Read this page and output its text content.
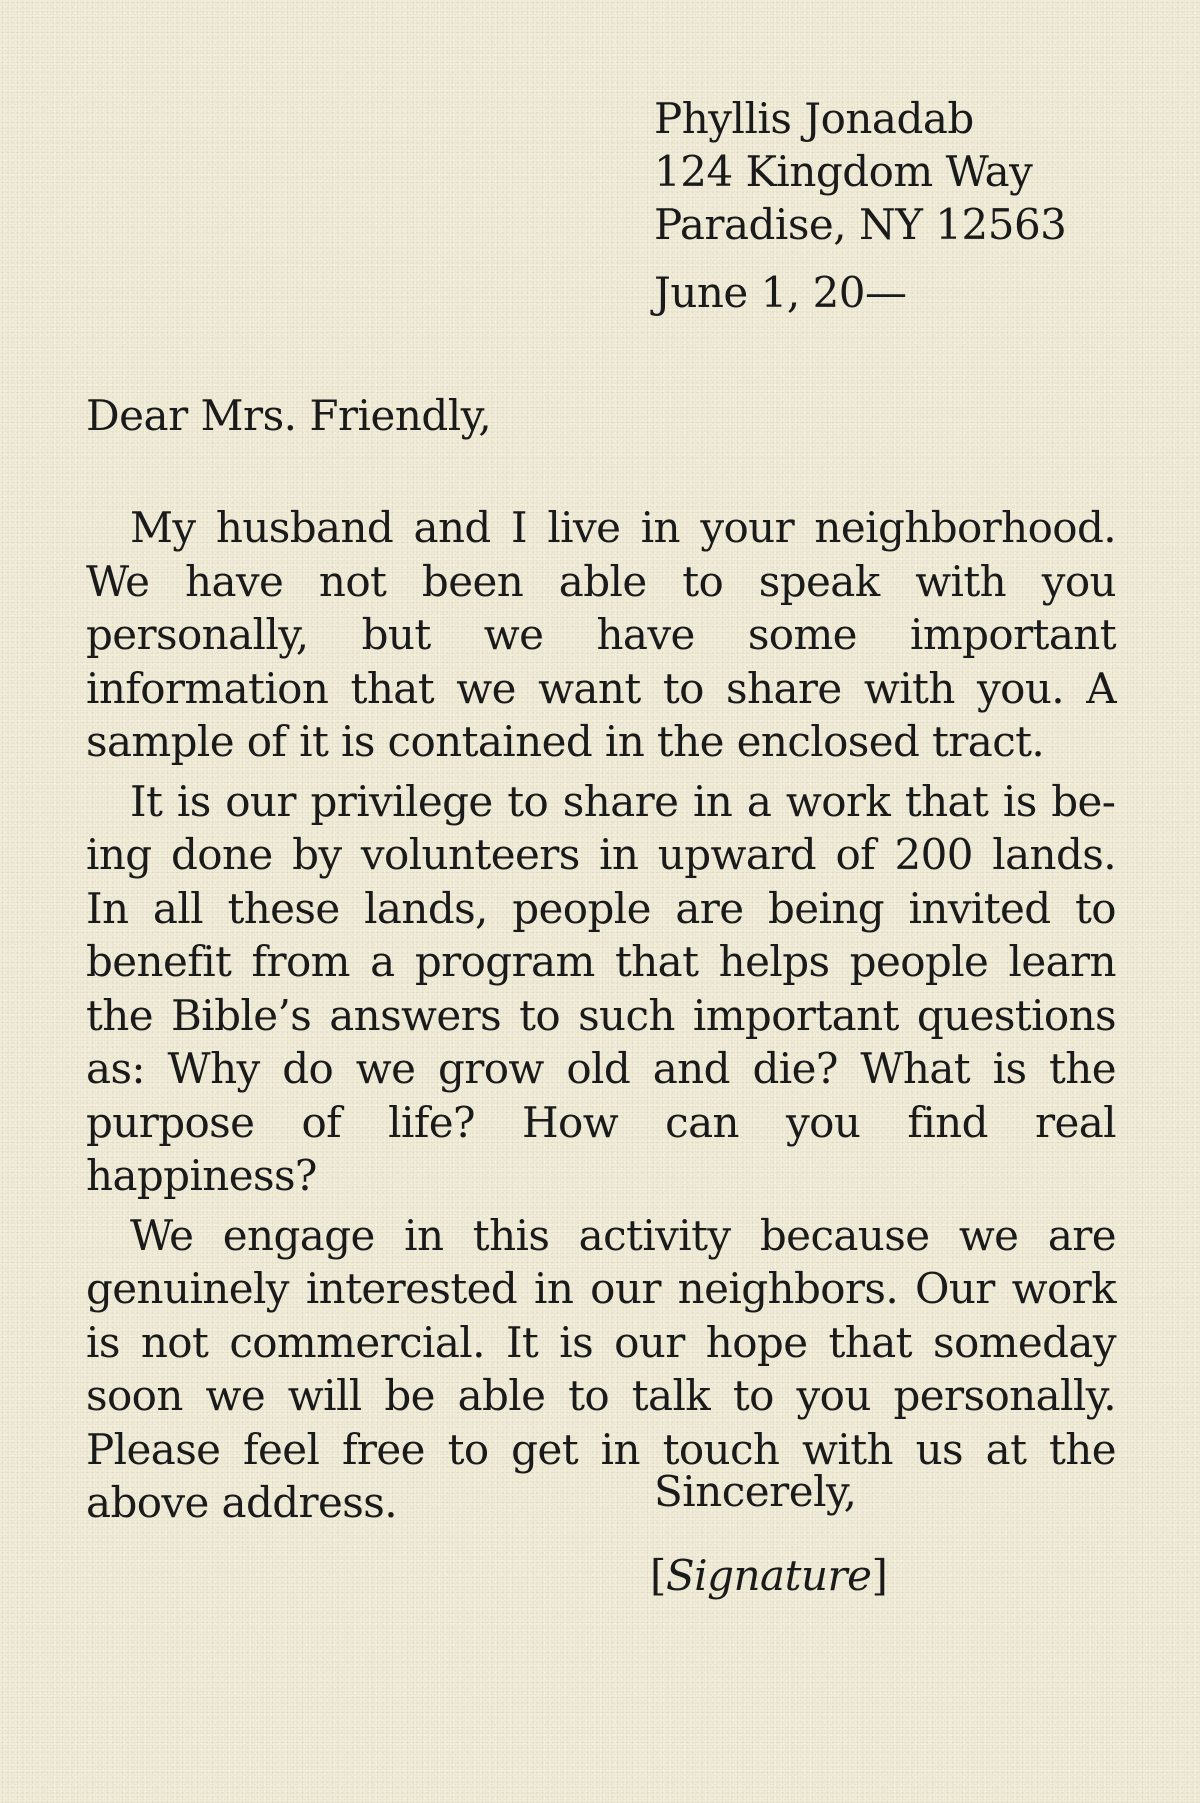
Phyllis Jonadab
124 Kingdom Way
Paradise, NY 12563
June 1, 20—
Dear Mrs. Friendly,

My husband and I live in your neighborhood. We have not been able to speak with you personally, but we have some important information that we want to share with you. A sample of it is contained in the enclosed tract.

It is our privilege to share in a work that is being done by volunteers in upward of 200 lands. In all these lands, people are being invited to benefit from a program that helps people learn the Bible’s answers to such important questions as: Why do we grow old and die? What is the purpose of life? How can you find real happiness?

We engage in this activity because we are genuinely interested in our neighbors. Our work is not commercial. It is our hope that someday soon we will be able to talk to you personally. Please feel free to get in touch with us at the above address.	Sincerely,
[Signature]
